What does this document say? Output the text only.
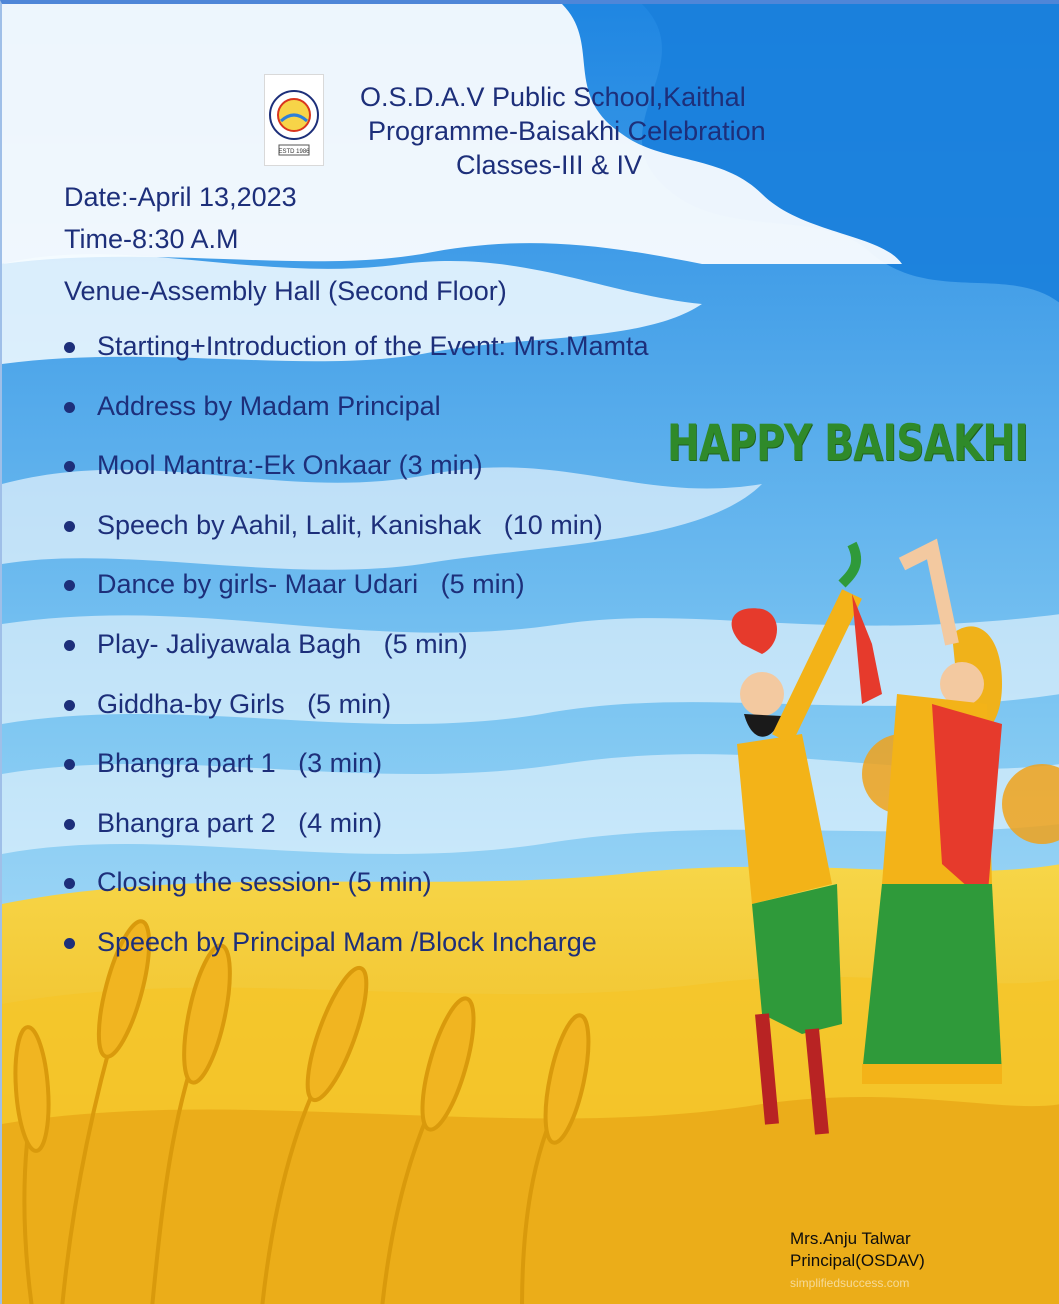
ESTD 1986
O.S.D.A.V Public School,Kaithal
Programme-Baisakhi Celebration
Classes-III & IV
Date:-April 13,2023
Time-8:30 A.M
Venue-Assembly Hall (Second Floor)
Starting+Introduction of the Event: Mrs.Mamta
Address by Madam Principal
Mool Mantra:-Ek Onkaar (3 min)
Speech by Aahil, Lalit, Kanishak   (10 min)
Dance by girls- Maar Udari   (5 min)
Play- Jaliyawala Bagh   (5 min)
Giddha-by Girls   (5 min)
Bhangra part 1   (3 min)
Bhangra part 2   (4 min)
Closing the session- (5 min)
Speech by Principal Mam /Block Incharge
HAPPY BAISAKHI
Mrs.Anju Talwar
Principal(OSDAV)
simplifiedsuccess.com
